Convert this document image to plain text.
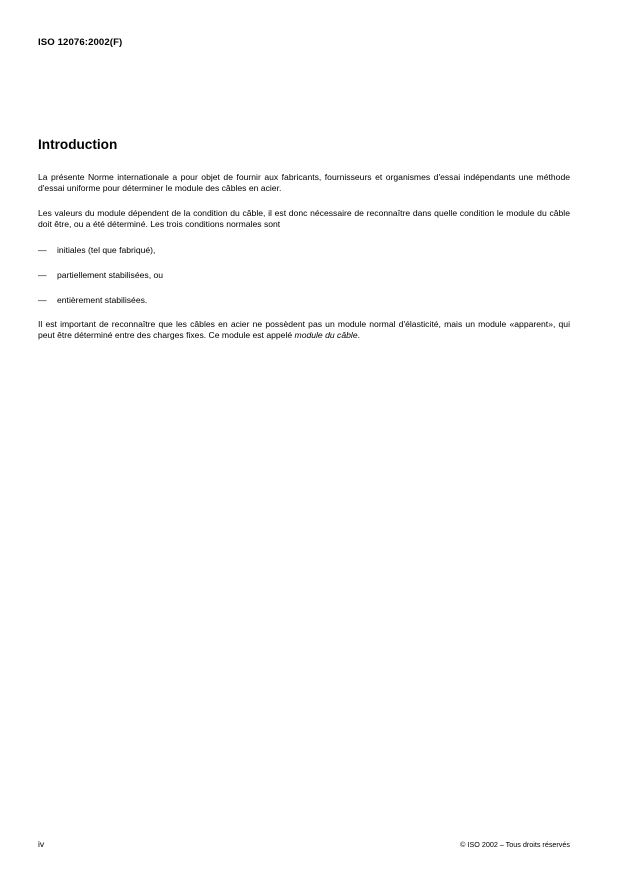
ISO 12076:2002(F)
Introduction

La présente Norme internationale a pour objet de fournir aux fabricants, fournisseurs et organismes d'essai indépendants une méthode d'essai uniforme pour déterminer le module des câbles en acier.

Les valeurs du module dépendent de la condition du câble, il est donc nécessaire de reconnaître dans quelle condition le module du câble doit être, ou a été déterminé. Les trois conditions normales sont

— initiales (tel que fabriqué),
— partiellement stabilisées, ou
— entièrement stabilisées.

Il est important de reconnaître que les câbles en acier ne possèdent pas un module normal d'élasticité, mais un module «apparent», qui peut être déterminé entre des charges fixes. Ce module est appelé module du câble.

iv	© ISO 2002 – Tous droits réservés
